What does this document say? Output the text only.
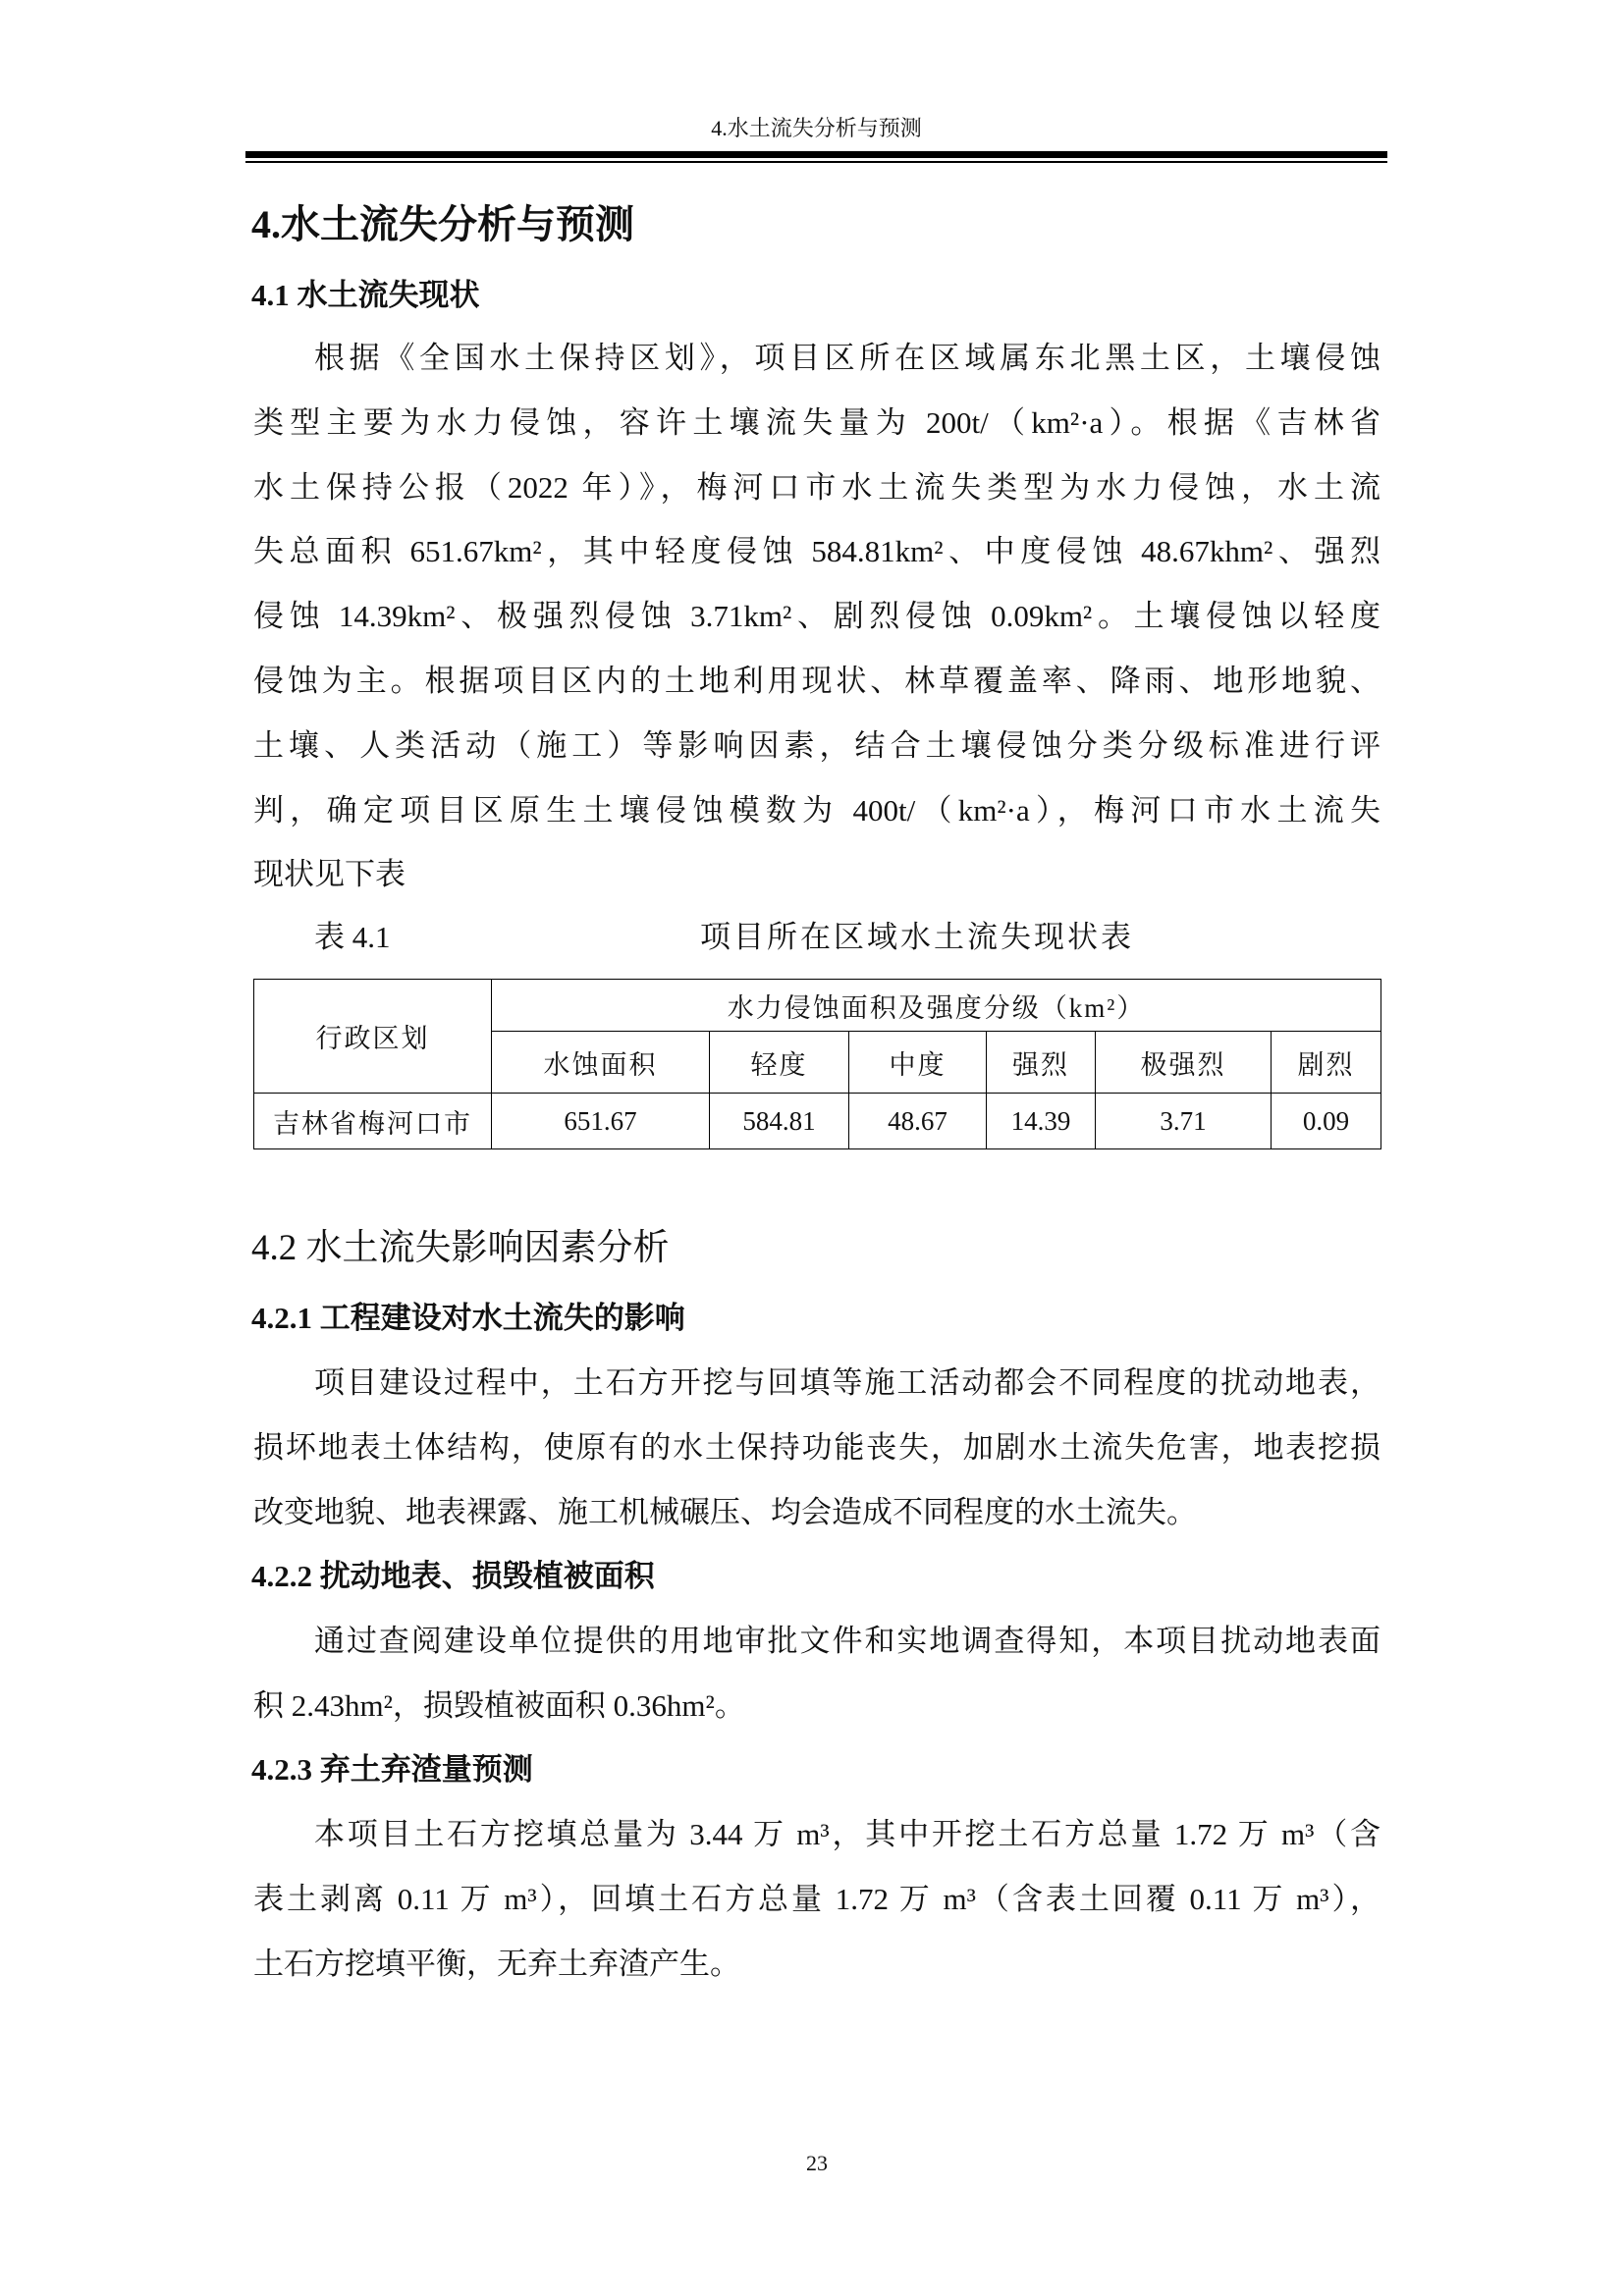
4.水土流失分析与预测
4.水土流失分析与预测
4.1 水土流失现状
根据《全国水土保持区划》，项目区所在区域属东北黑土区，土壤侵蚀
类型主要为水力侵蚀，容许土壤流失量为 200t/（km²·a）。根据《吉林省
水土保持公报（2022 年）》，梅河口市水土流失类型为水力侵蚀，水土流
失总面积 651.67km²，其中轻度侵蚀 584.81km²、中度侵蚀 48.67khm²、强烈
侵蚀 14.39km²、极强烈侵蚀 3.71km²、剧烈侵蚀 0.09km²。土壤侵蚀以轻度
侵蚀为主。根据项目区内的土地利用现状、林草覆盖率、降雨、地形地貌、
土壤、人类活动（施工）等影响因素，结合土壤侵蚀分类分级标准进行评
判，确定项目区原生土壤侵蚀模数为 400t/（km²·a），梅河口市水土流失
现状见下表
表 4.1	项目所在区域水土流失现状表
行政区划	水力侵蚀面积及强度分级（km²）					
	水蚀面积	轻度	中度	强烈	极强烈	剧烈
吉林省梅河口市	651.67	584.81	48.67	14.39	3.71	0.09
4.2 水土流失影响因素分析
4.2.1 工程建设对水土流失的影响
项目建设过程中，土石方开挖与回填等施工活动都会不同程度的扰动地表，
损坏地表土体结构，使原有的水土保持功能丧失，加剧水土流失危害，地表挖损
改变地貌、地表裸露、施工机械碾压、均会造成不同程度的水土流失。
4.2.2 扰动地表、损毁植被面积
通过查阅建设单位提供的用地审批文件和实地调查得知，本项目扰动地表面
积 2.43hm²，损毁植被面积 0.36hm²。
4.2.3 弃土弃渣量预测
本项目土石方挖填总量为 3.44 万 m³，其中开挖土石方总量 1.72 万 m³（含
表土剥离 0.11 万 m³），回填土石方总量 1.72 万 m³（含表土回覆 0.11 万 m³），
土石方挖填平衡，无弃土弃渣产生。
23
